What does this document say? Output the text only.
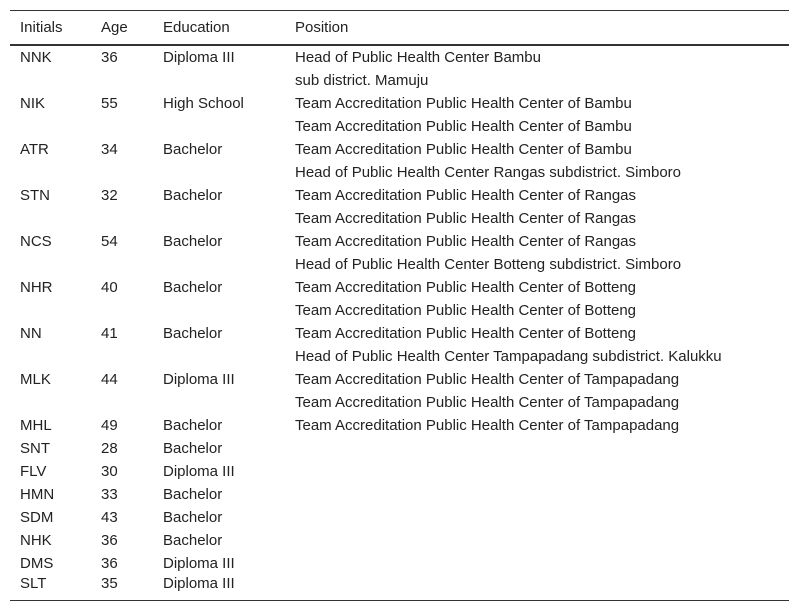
Initials	Age	Education	Position
NNK	36	Diploma III	Head of Public Health Center Bambu
			sub district. Mamuju
NIK	55	High School	Team Accreditation Public Health Center of Bambu
			Team Accreditation Public Health Center of Bambu
ATR	34	Bachelor	Team Accreditation Public Health Center of Bambu
			Head of Public Health Center Rangas subdistrict. Simboro
STN	32	Bachelor	Team Accreditation Public Health Center of Rangas
			Team Accreditation Public Health Center of Rangas
NCS	54	Bachelor	Team Accreditation Public Health Center of Rangas
			Head of Public Health Center Botteng subdistrict. Simboro
NHR	40	Bachelor	Team Accreditation Public Health Center of Botteng
			Team Accreditation Public Health Center of Botteng
NN	41	Bachelor	Team Accreditation Public Health Center of Botteng
			Head of Public Health Center Tampapadang subdistrict. Kalukku
MLK	44	Diploma III	Team Accreditation Public Health Center of Tampapadang
			Team Accreditation Public Health Center of Tampapadang
MHL	49	Bachelor	Team Accreditation Public Health Center of Tampapadang
SNT	28	Bachelor	
FLV	30	Diploma III	
HMN	33	Bachelor	
SDM	43	Bachelor	
NHK	36	Bachelor	
DMS	36	Diploma III	
SLT	35	Diploma III	
